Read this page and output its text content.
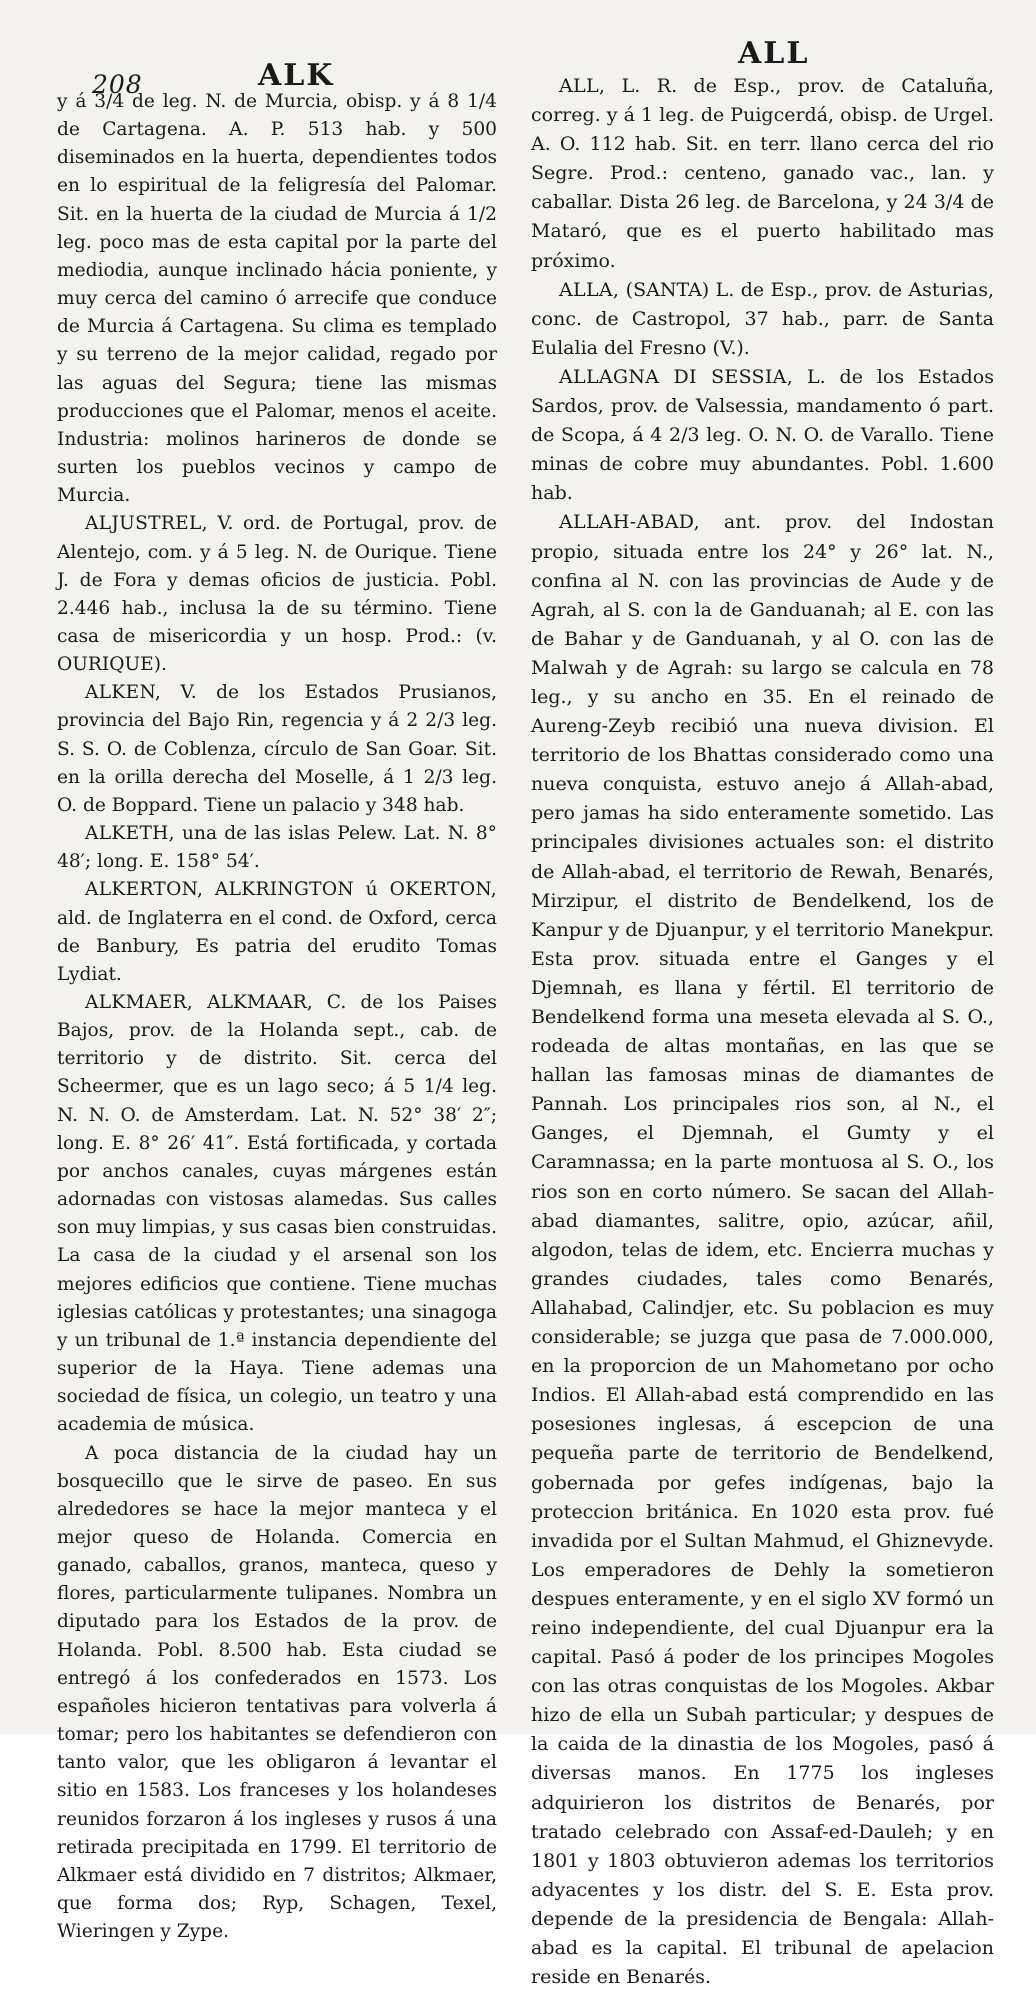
208	ALK
ALL

y á 3/4 de leg. N. de Murcia, obisp. y á 8 1/4 de Cartagena. A. P. 513 hab. y 500 diseminados en la huerta, dependientes todos en lo espiritual de la feligresía del Palomar. Sit. en la huerta de la ciudad de Murcia á 1/2 leg. poco mas de esta capital por la parte del mediodia, aunque inclinado hácia poniente, y muy cerca del camino ó arrecife que conduce de Murcia á Cartagena. Su clima es templado y su terreno de la mejor calidad, regado por las aguas del Segura; tiene las mismas producciones que el Palomar, menos el aceite. Industria: molinos harineros de donde se surten los pueblos vecinos y campo de Murcia.

ALJUSTREL, V. ord. de Portugal, prov. de Alentejo, com. y á 5 leg. N. de Ourique. Tiene J. de Fora y demas oficios de justicia. Pobl. 2.446 hab., inclusa la de su término. Tiene casa de misericordia y un hosp. Prod.: (v. OURIQUE).

ALKEN, V. de los Estados Prusianos, provincia del Bajo Rin, regencia y á 2 2/3 leg. S. S. O. de Coblenza, círculo de San Goar. Sit. en la orilla derecha del Moselle, á 1 2/3 leg. O. de Boppard. Tiene un palacio y 348 hab.

ALKETH, una de las islas Pelew. Lat. N. 8° 48′; long. E. 158° 54′.

ALKERTON, ALKRINGTON ú OKERTON, ald. de Inglaterra en el cond. de Oxford, cerca de Banbury, Es patria del erudito Tomas Lydiat.

ALKMAER, ALKMAAR, C. de los Paises Bajos, prov. de la Holanda sept., cab. de territorio y de distrito. Sit. cerca del Scheermer, que es un lago seco; á 5 1/4 leg. N. N. O. de Amsterdam. Lat. N. 52° 38′ 2″; long. E. 8° 26′ 41″. Está fortificada, y cortada por anchos canales, cuyas márgenes están adornadas con vistosas alamedas. Sus calles son muy limpias, y sus casas bien construidas. La casa de la ciudad y el arsenal son los mejores edificios que contiene. Tiene muchas iglesias católicas y protestantes; una sinagoga y un tribunal de 1.ª instancia dependiente del superior de la Haya. Tiene ademas una sociedad de física, un colegio, un teatro y una academia de música.

A poca distancia de la ciudad hay un bosquecillo que le sirve de paseo. En sus alrededores se hace la mejor manteca y el mejor queso de Holanda. Comercia en ganado, caballos, granos, manteca, queso y flores, particularmente tulipanes. Nombra un diputado para los Estados de la prov. de Holanda. Pobl. 8.500 hab. Esta ciudad se entregó á los confederados en 1573. Los españoles hicieron tentativas para volverla á tomar; pero los habitantes se defendieron con tanto valor, que les obligaron á levantar el sitio en 1583. Los franceses y los holandeses reunidos forzaron á los ingleses y rusos á una retirada precipitada en 1799. El territorio de Alkmaer está dividido en 7 distritos; Alkmaer, que forma dos; Ryp, Schagen, Texel, Wieringen y Zype.

ALL, L. R. de Esp., prov. de Cataluña, correg. y á 1 leg. de Puigcerdá, obisp. de Urgel. A. O. 112 hab. Sit. en terr. llano cerca del rio Segre. Prod.: centeno, ganado vac., lan. y caballar. Dista 26 leg. de Barcelona, y 24 3/4 de Mataró, que es el puerto habilitado mas próximo.

ALLA, (SANTA) L. de Esp., prov. de Asturias, conc. de Castropol, 37 hab., parr. de Santa Eulalia del Fresno (V.).

ALLAGNA DI SESSIA, L. de los Estados Sardos, prov. de Valsessia, mandamento ó part. de Scopa, á 4 2/3 leg. O. N. O. de Varallo. Tiene minas de cobre muy abundantes. Pobl. 1.600 hab.

ALLAH-ABAD, ant. prov. del Indostan propio, situada entre los 24° y 26° lat. N., confina al N. con las provincias de Aude y de Agrah, al S. con la de Ganduanah; al E. con las de Bahar y de Ganduanah, y al O. con las de Malwah y de Agrah: su largo se calcula en 78 leg., y su ancho en 35. En el reinado de Aureng-Zeyb recibió una nueva division. El territorio de los Bhattas considerado como una nueva conquista, estuvo anejo á Allah-abad, pero jamas ha sido enteramente sometido. Las principales divisiones actuales son: el distrito de Allah-abad, el territorio de Rewah, Benarés, Mirzipur, el distrito de Bendelkend, los de Kanpur y de Djuanpur, y el territorio Manekpur. Esta prov. situada entre el Ganges y el Djemnah, es llana y fértil. El territorio de Bendelkend forma una meseta elevada al S. O., rodeada de altas montañas, en las que se hallan las famosas minas de diamantes de Pannah. Los principales rios son, al N., el Ganges, el Djemnah, el Gumty y el Caramnassa; en la parte montuosa al S. O., los rios son en corto número. Se sacan del Allah-abad diamantes, salitre, opio, azúcar, añil, algodon, telas de idem, etc. Encierra muchas y grandes ciudades, tales como Benarés, Allahabad, Calindjer, etc. Su poblacion es muy considerable; se juzga que pasa de 7.000.000, en la proporcion de un Mahometano por ocho Indios. El Allah-abad está comprendido en las posesiones inglesas, á escepcion de una pequeña parte de territorio de Bendelkend, gobernada por gefes indígenas, bajo la proteccion británica. En 1020 esta prov. fué invadida por el Sultan Mahmud, el Ghiznevyde. Los emperadores de Dehly la sometieron despues enteramente, y en el siglo XV formó un reino independiente, del cual Djuanpur era la capital. Pasó á poder de los principes Mogoles con las otras conquistas de los Mogoles. Akbar hizo de ella un Subah particular; y despues de la caida de la dinastia de los Mogoles, pasó á diversas manos. En 1775 los ingleses adquirieron los distritos de Benarés, por tratado celebrado con Assaf-ed-Dauleh; y en 1801 y 1803 obtuvieron ademas los territorios adyacentes y los distr. del S. E. Esta prov. depende de la presidencia de Bengala: Allah-abad es la capital. El tribunal de apelacion reside en Benarés.
